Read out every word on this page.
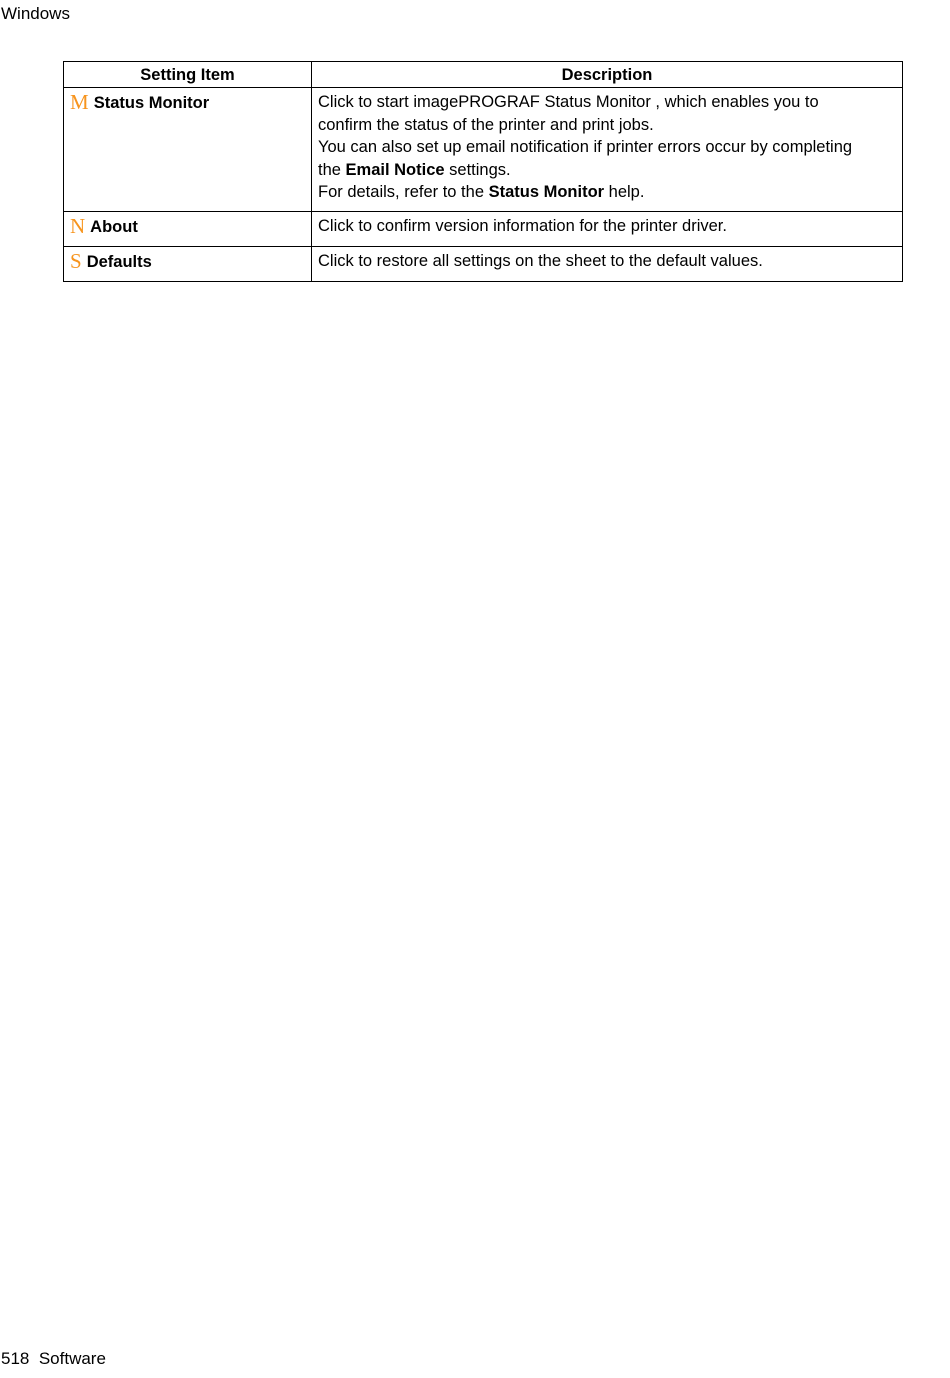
Windows
Setting Item	Description
M Status Monitor	Click to start imagePROGRAF Status Monitor , which enables you to
confirm the status of the printer and print jobs.
You can also set up email notification if printer errors occur by completing
the Email Notice settings.
For details, refer to the Status Monitor help.

N About	Click to confirm version information for the printer driver.

S Defaults	Click to restore all settings on the sheet to the default values.
518 Software
